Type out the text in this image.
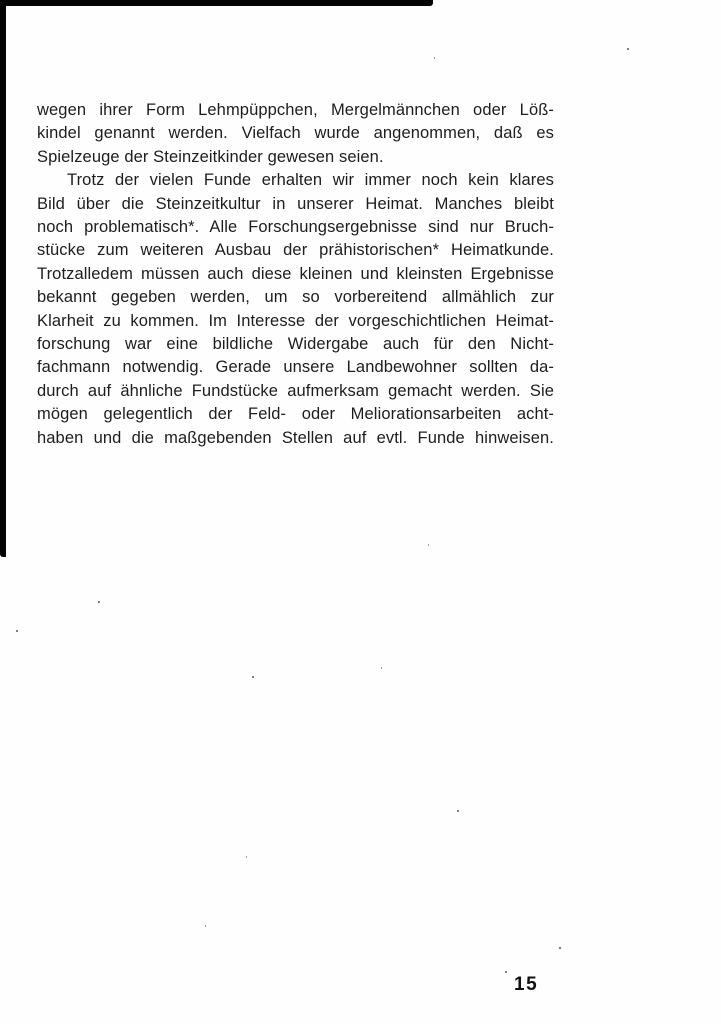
wegen ihrer Form Lehmpüppchen, Mergelmännchen oder Löß-
kindel genannt werden. Vielfach wurde angenommen, daß es
Spielzeuge der Steinzeitkinder gewesen seien.

Trotz der vielen Funde erhalten wir immer noch kein klares
Bild über die Steinzeitkultur in unserer Heimat. Manches bleibt
noch problematisch*. Alle Forschungsergebnisse sind nur Bruch-
stücke zum weiteren Ausbau der prähistorischen* Heimatkunde.
Trotzalledem müssen auch diese kleinen und kleinsten Ergebnisse
bekannt gegeben werden, um so vorbereitend allmählich zur
Klarheit zu kommen. Im Interesse der vorgeschichtlichen Heimat-
forschung war eine bildliche Widergabe auch für den Nicht-
fachmann notwendig. Gerade unsere Landbewohner sollten da-
durch auf ähnliche Fundstücke aufmerksam gemacht werden. Sie
mögen gelegentlich der Feld- oder Meliorationsarbeiten acht-
haben und die maßgebenden Stellen auf evtl. Funde hinweisen.

15
